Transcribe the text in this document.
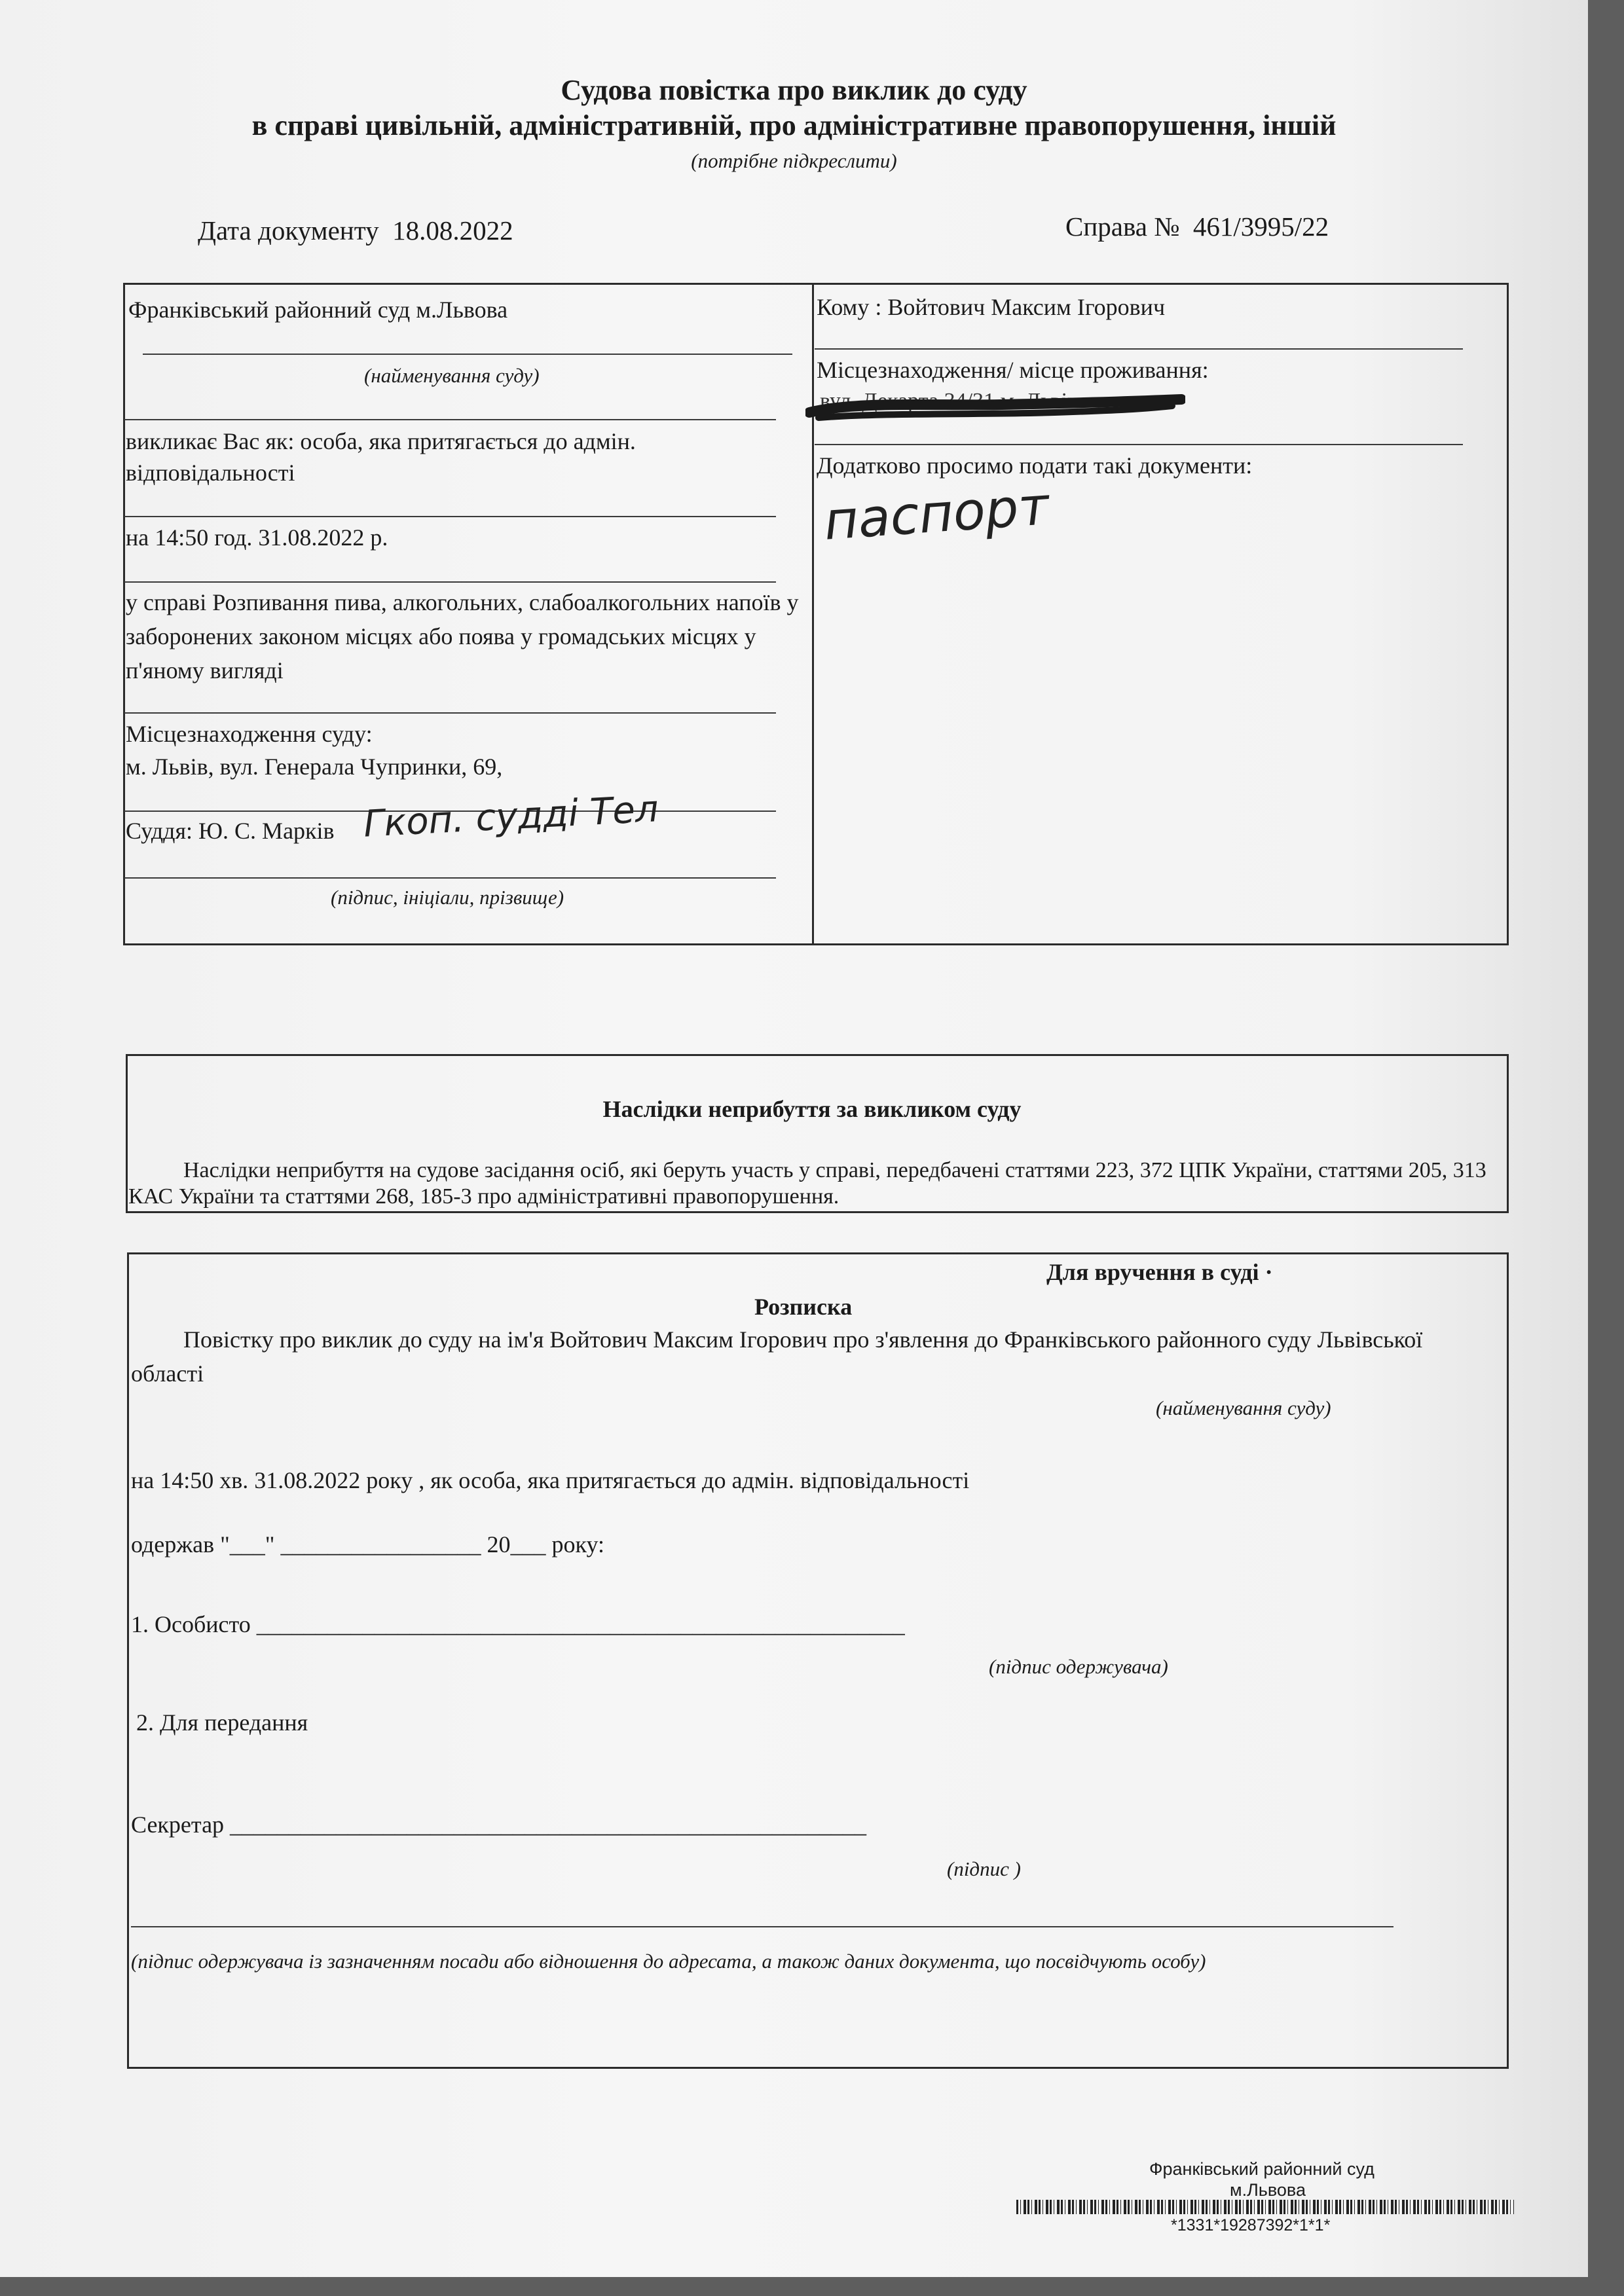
Судова повістка про виклик до суду
в справі цивільній, адміністративній, про адміністративне правопорушення, іншій
(потрібне підкреслити)
Дата документу 18.08.2022	Справа № 461/3995/22
Франківський районний суд м.Львова
(найменування суду)
викликає Вас як: особа, яка притягається до адмін. відповідальності
на 14:50 год. 31.08.2022 р.
у справі Розпивання пива, алкогольних, слабоалкогольних напоїв у заборонених законом місцях або поява у громадських місцях у п'яному вигляді
Місцезнаходження суду:
м. Львів, вул. Генерала Чупринки, 69,
Суддя: Ю. С. Марків Гкоп. судді Тел
(підпис, ініціали, прізвище)
Кому : Войтович Максим Ігорович
Місцезнаходження/ місце проживання:
вул. Декарта 34/31 м. Львів
Додатково просимо подати такі документи:
паспорт
Наслідки неприбуття за викликом суду
Наслідки неприбуття на судове засідання осіб, які беруть участь у справі, передбачені статтями 223, 372 ЦПК України, статтями 205, 313 КАС України та статтями 268, 185-3 про адміністративні правопорушення.
Для вручення в суді ·
Розписка
Повістку про виклик до суду на ім'я Войтович Максим Ігорович про з'явлення до Франківського районного суду Львівської області
(найменування суду)
на 14:50 хв. 31.08.2022 року , як особа, яка притягається до адмін. відповідальності
одержав "___" _________________ 20___ року:
1. Особисто _______________________________________________________
(підпис одержувача)
2. Для передання
Секретар ______________________________________________________
(підпис )
(підпис одержувача із зазначенням посади або відношення до адресата, а також даних документа, що посвідчують особу)
Франківський районний суд
м.Львова
*1331*19287392*1*1*
